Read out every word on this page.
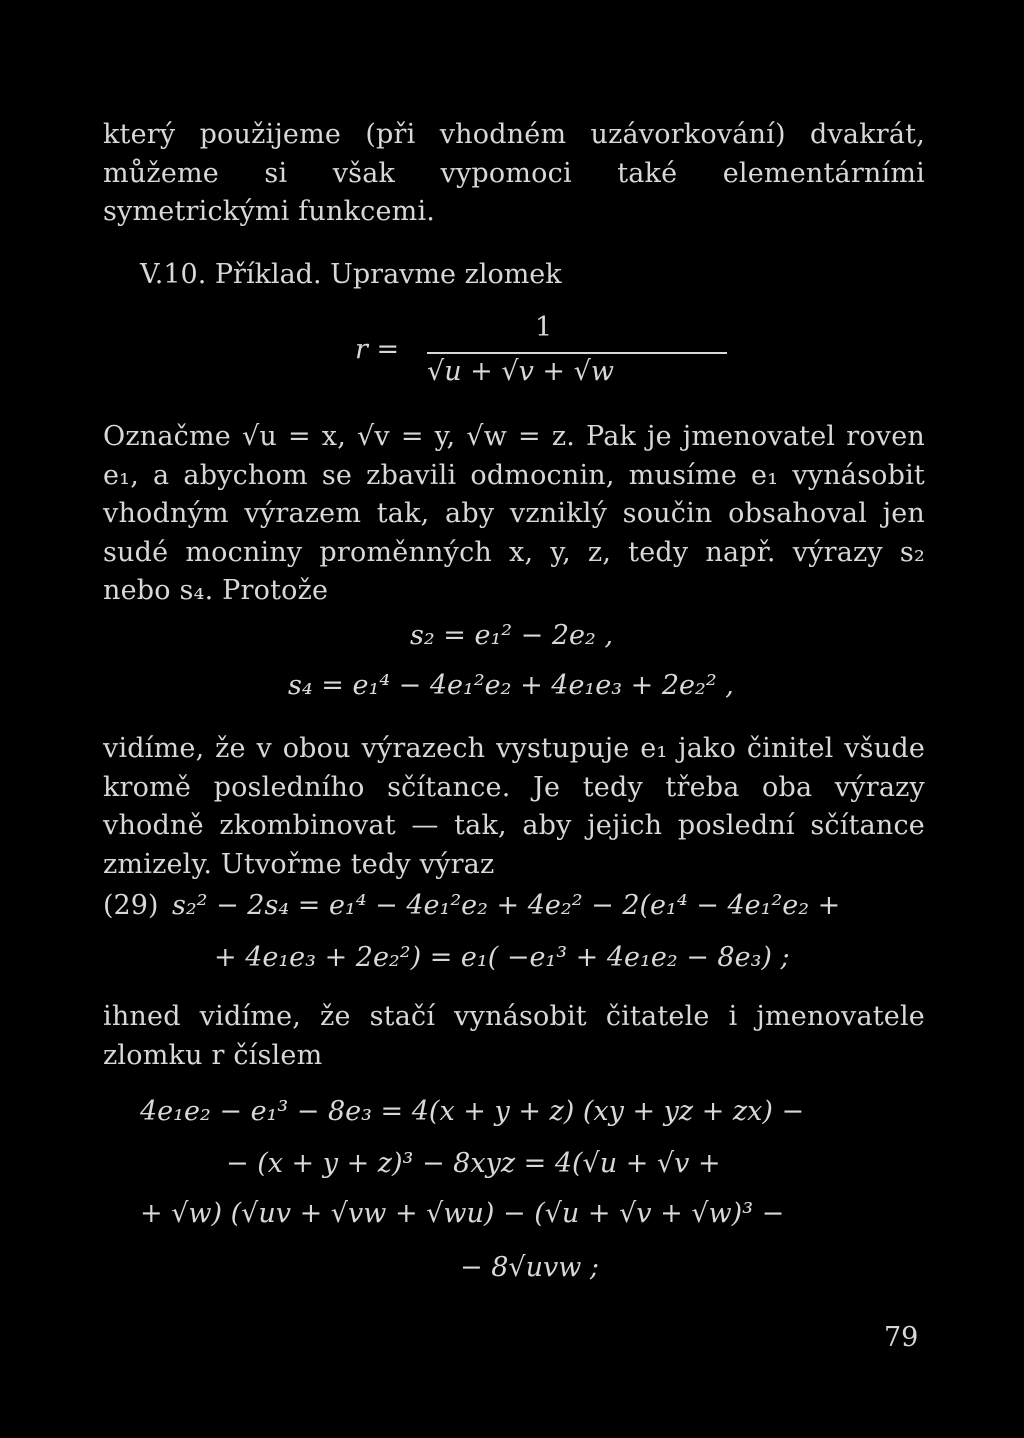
který použijeme (při vhodném uzávorkování) dvakrát, můžeme si však vypomoci také elementárními symetrickými funkcemi.
V.10. Příklad. Upravme zlomek
r =
1
√u + √v + √w
Označme √u = x, √v = y, √w = z. Pak je jmenovatel roven e₁, a abychom se zbavili odmocnin, musíme e₁ vynásobit vhodným výrazem tak, aby vzniklý součin obsahoval jen sudé mocniny proměnných x, y, z, tedy např. výrazy s₂ nebo s₄. Protože
s₂ = e₁² − 2e₂ ,
s₄ = e₁⁴ − 4e₁²e₂ + 4e₁e₃ + 2e₂² ,
vidíme, že v obou výrazech vystupuje e₁ jako činitel všude kromě posledního sčítance. Je tedy třeba oba výrazy vhodně zkombinovat — tak, aby jejich poslední sčítance zmizely. Utvořme tedy výraz
(29) s₂² − 2s₄ = e₁⁴ − 4e₁²e₂ + 4e₂² − 2(e₁⁴ − 4e₁²e₂ +
+ 4e₁e₃ + 2e₂²) = e₁( −e₁³ + 4e₁e₂ − 8e₃) ;
ihned vidíme, že stačí vynásobit čitatele i jmenovatele zlomku r číslem
4e₁e₂ − e₁³ − 8e₃ = 4(x + y + z) (xy + yz + zx) −
− (x + y + z)³ − 8xyz = 4(√u + √v +
+ √w) (√uv + √vw + √wu) − (√u + √v + √w)³ −
− 8√uvw ;
79
